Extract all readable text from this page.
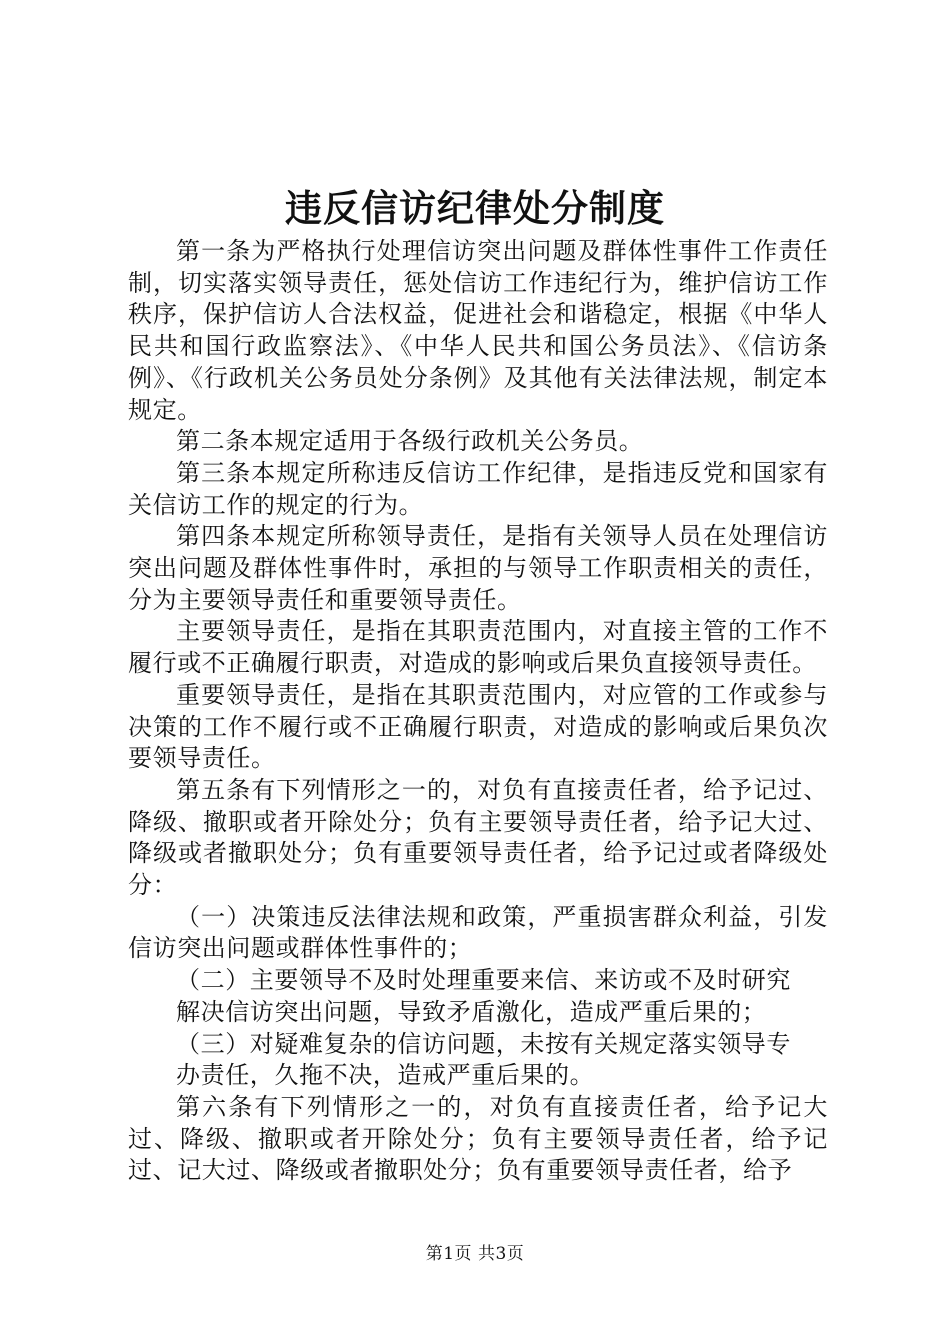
违反信访纪律处分制度

第一条为严格执行处理信访突出问题及群体性事件工作责任制，切实落实领导责任，惩处信访工作违纪行为，维护信访工作秩序，保护信访人合法权益，促进社会和谐稳定，根据《中华人民共和国行政监察法》、《中华人民共和国公务员法》、《信访条例》、《行政机关公务员处分条例》及其他有关法律法规，制定本规定。

第二条本规定适用于各级行政机关公务员。

第三条本规定所称违反信访工作纪律，是指违反党和国家有关信访工作的规定的行为。

第四条本规定所称领导责任，是指有关领导人员在处理信访突出问题及群体性事件时，承担的与领导工作职责相关的责任，分为主要领导责任和重要领导责任。

主要领导责任，是指在其职责范围内，对直接主管的工作不履行或不正确履行职责，对造成的影响或后果负直接领导责任。

重要领导责任，是指在其职责范围内，对应管的工作或参与决策的工作不履行或不正确履行职责，对造成的影响或后果负次要领导责任。

第五条有下列情形之一的，对负有直接责任者，给予记过、降级、撤职或者开除处分；负有主要领导责任者，给予记大过、降级或者撤职处分；负有重要领导责任者，给予记过或者降级处分：

（一）决策违反法律法规和政策，严重损害群众利益，引发信访突出问题或群体性事件的；

（二）主要领导不及时处理重要来信、来访或不及时研究
解决信访突出问题，导致矛盾激化，造成严重后果的；

（三）对疑难复杂的信访问题，未按有关规定落实领导专
办责任，久拖不决，造戒严重后果的。

第六条有下列情形之一的，对负有直接责任者，给予记大过、降级、撤职或者开除处分；负有主要领导责任者，给予记过、记大过、降级或者撤职处分；负有重要领导责任者，给予

第1页 共3页
